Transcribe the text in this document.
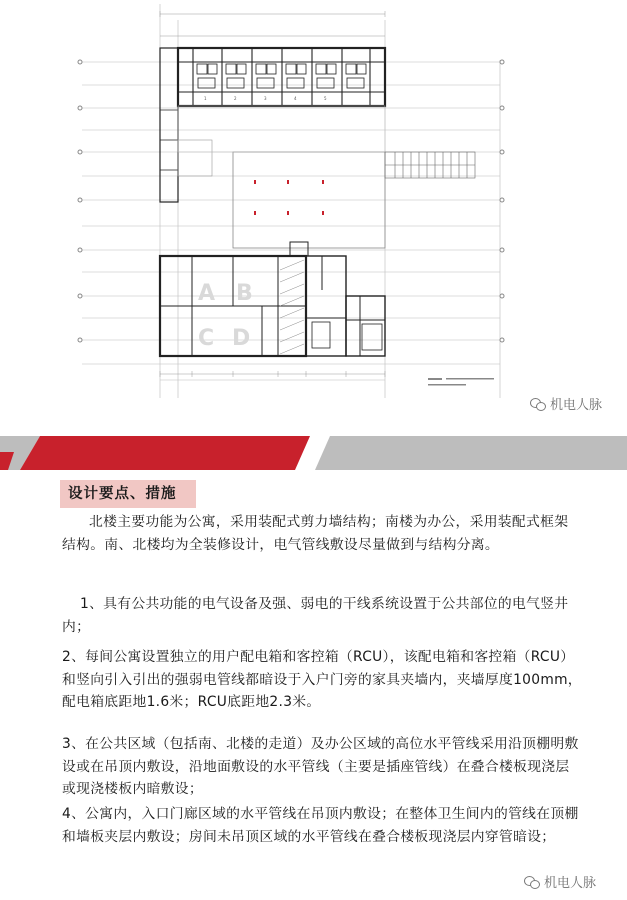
A B
C D
1	2	3	4	5
机电人脉
设计要点、措施

北楼主要功能为公寓，采用装配式剪力墙结构；南楼为办公，采用装配式框架结构。南、北楼均为全装修设计，电气管线敷设尽量做到与结构分离。

1、具有公共功能的电气设备及强、弱电的干线系统设置于公共部位的电气竖井内；

2、每间公寓设置独立的用户配电箱和客控箱（RCU），该配电箱和客控箱（RCU）和竖向引入引出的强弱电管线都暗设于入户门旁的家具夹墙内，夹墙厚度100mm，配电箱底距地1.6米；RCU底距地2.3米。

3、在公共区域（包括南、北楼的走道）及办公区域的高位水平管线采用沿顶棚明敷设或在吊顶内敷设，沿地面敷设的水平管线（主要是插座管线）在叠合楼板现浇层或现浇楼板内暗敷设；

4、公寓内，入口门廊区域的水平管线在吊顶内敷设；在整体卫生间内的管线在顶棚和墙板夹层内敷设；房间未吊顶区域的水平管线在叠合楼板现浇层内穿管暗设；

机电人脉
